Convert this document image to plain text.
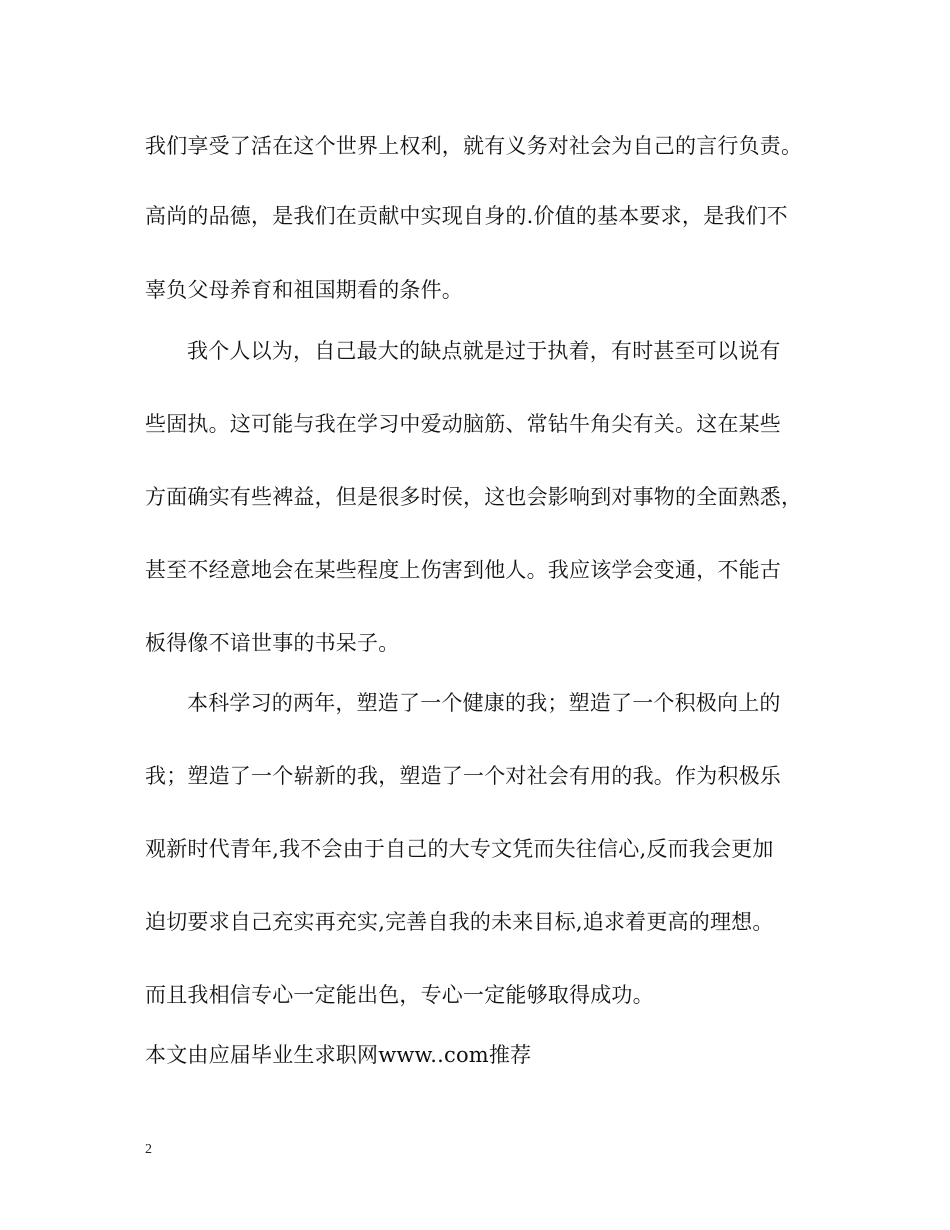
我们享受了活在这个世界上权利，就有义务对社会为自己的言行负责。
高尚的品德，是我们在贡献中实现自身的.价值的基本要求，是我们不
辜负父母养育和祖国期看的条件。
我个人以为，自己最大的缺点就是过于执着，有时甚至可以说有
些固执。这可能与我在学习中爱动脑筋、常钻牛角尖有关。这在某些
方面确实有些裨益，但是很多时侯，这也会影响到对事物的全面熟悉，
甚至不经意地会在某些程度上伤害到他人。我应该学会变通，不能古
板得像不谙世事的书呆子。
本科学习的两年，塑造了一个健康的我；塑造了一个积极向上的
我；塑造了一个崭新的我，塑造了一个对社会有用的我。作为积极乐
观新时代青年,我不会由于自己的大专文凭而失往信心,反而我会更加
迫切要求自己充实再充实,完善自我的未来目标,追求着更高的理想。
而且我相信专心一定能出色，专心一定能够取得成功。
本文由应届毕业生求职网www..com推荐
2
